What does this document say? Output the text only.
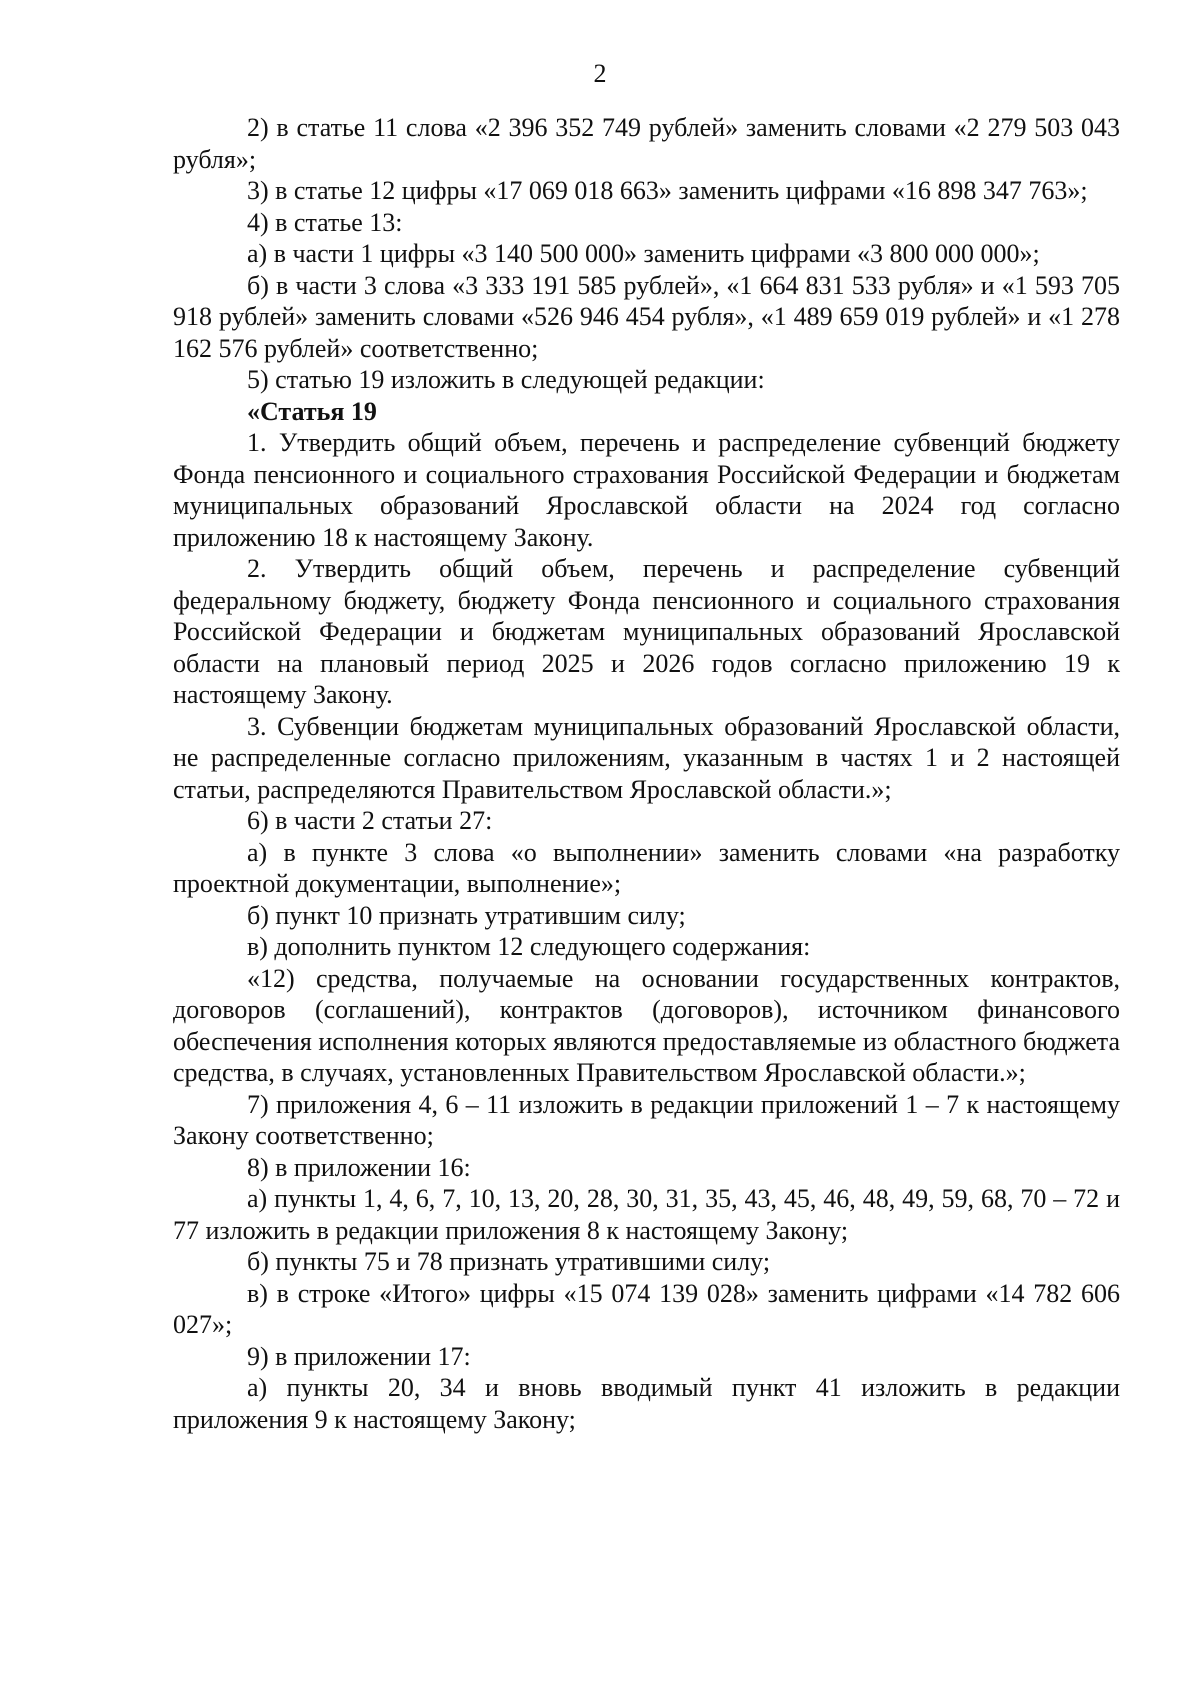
2

2) в статье 11 слова «2 396 352 749 рублей» заменить словами «2 279 503 043 рубля»;

3) в статье 12 цифры «17 069 018 663» заменить цифрами «16 898 347 763»;

4) в статье 13:

а) в части 1 цифры «3 140 500 000» заменить цифрами «3 800 000 000»;

б) в части 3 слова «3 333 191 585 рублей», «1 664 831 533 рубля» и «1 593 705 918 рублей» заменить словами «526 946 454 рубля», «1 489 659 019 рублей» и «1 278 162 576 рублей» соответственно;

5) статью 19 изложить в следующей редакции:

«Статья 19

1. Утвердить общий объем, перечень и распределение субвенций бюджету Фонда пенсионного и социального страхования Российской Федерации и бюджетам муниципальных образований Ярославской области на 2024 год согласно приложению 18 к настоящему Закону.

2. Утвердить общий объем, перечень и распределение субвенций федеральному бюджету, бюджету Фонда пенсионного и социального страхования Российской Федерации и бюджетам муниципальных образований Ярославской области на плановый период 2025 и 2026 годов согласно приложению 19 к настоящему Закону.

3. Субвенции бюджетам муниципальных образований Ярославской области, не распределенные согласно приложениям, указанным в частях 1 и 2 настоящей статьи, распределяются Правительством Ярославской области.»;

6) в части 2 статьи 27:

а) в пункте 3 слова «о выполнении» заменить словами «на разработку проектной документации, выполнение»;

б) пункт 10 признать утратившим силу;

в) дополнить пунктом 12 следующего содержания:

«12) средства, получаемые на основании государственных контрактов, договоров (соглашений), контрактов (договоров), источником финансового обеспечения исполнения которых являются предоставляемые из областного бюджета средства, в случаях, установленных Правительством Ярославской области.»;

7) приложения 4, 6 – 11 изложить в редакции приложений 1 – 7 к настоящему Закону соответственно;

8) в приложении 16:

а) пункты 1, 4, 6, 7, 10, 13, 20, 28, 30, 31, 35, 43, 45, 46, 48, 49, 59, 68, 70 – 72 и 77 изложить в редакции приложения 8 к настоящему Закону;

б) пункты 75 и 78 признать утратившими силу;

в) в строке «Итого» цифры «15 074 139 028» заменить цифрами «14 782 606 027»;

9) в приложении 17:

а) пункты 20, 34 и вновь вводимый пункт 41 изложить в редакции приложения 9 к настоящему Закону;
